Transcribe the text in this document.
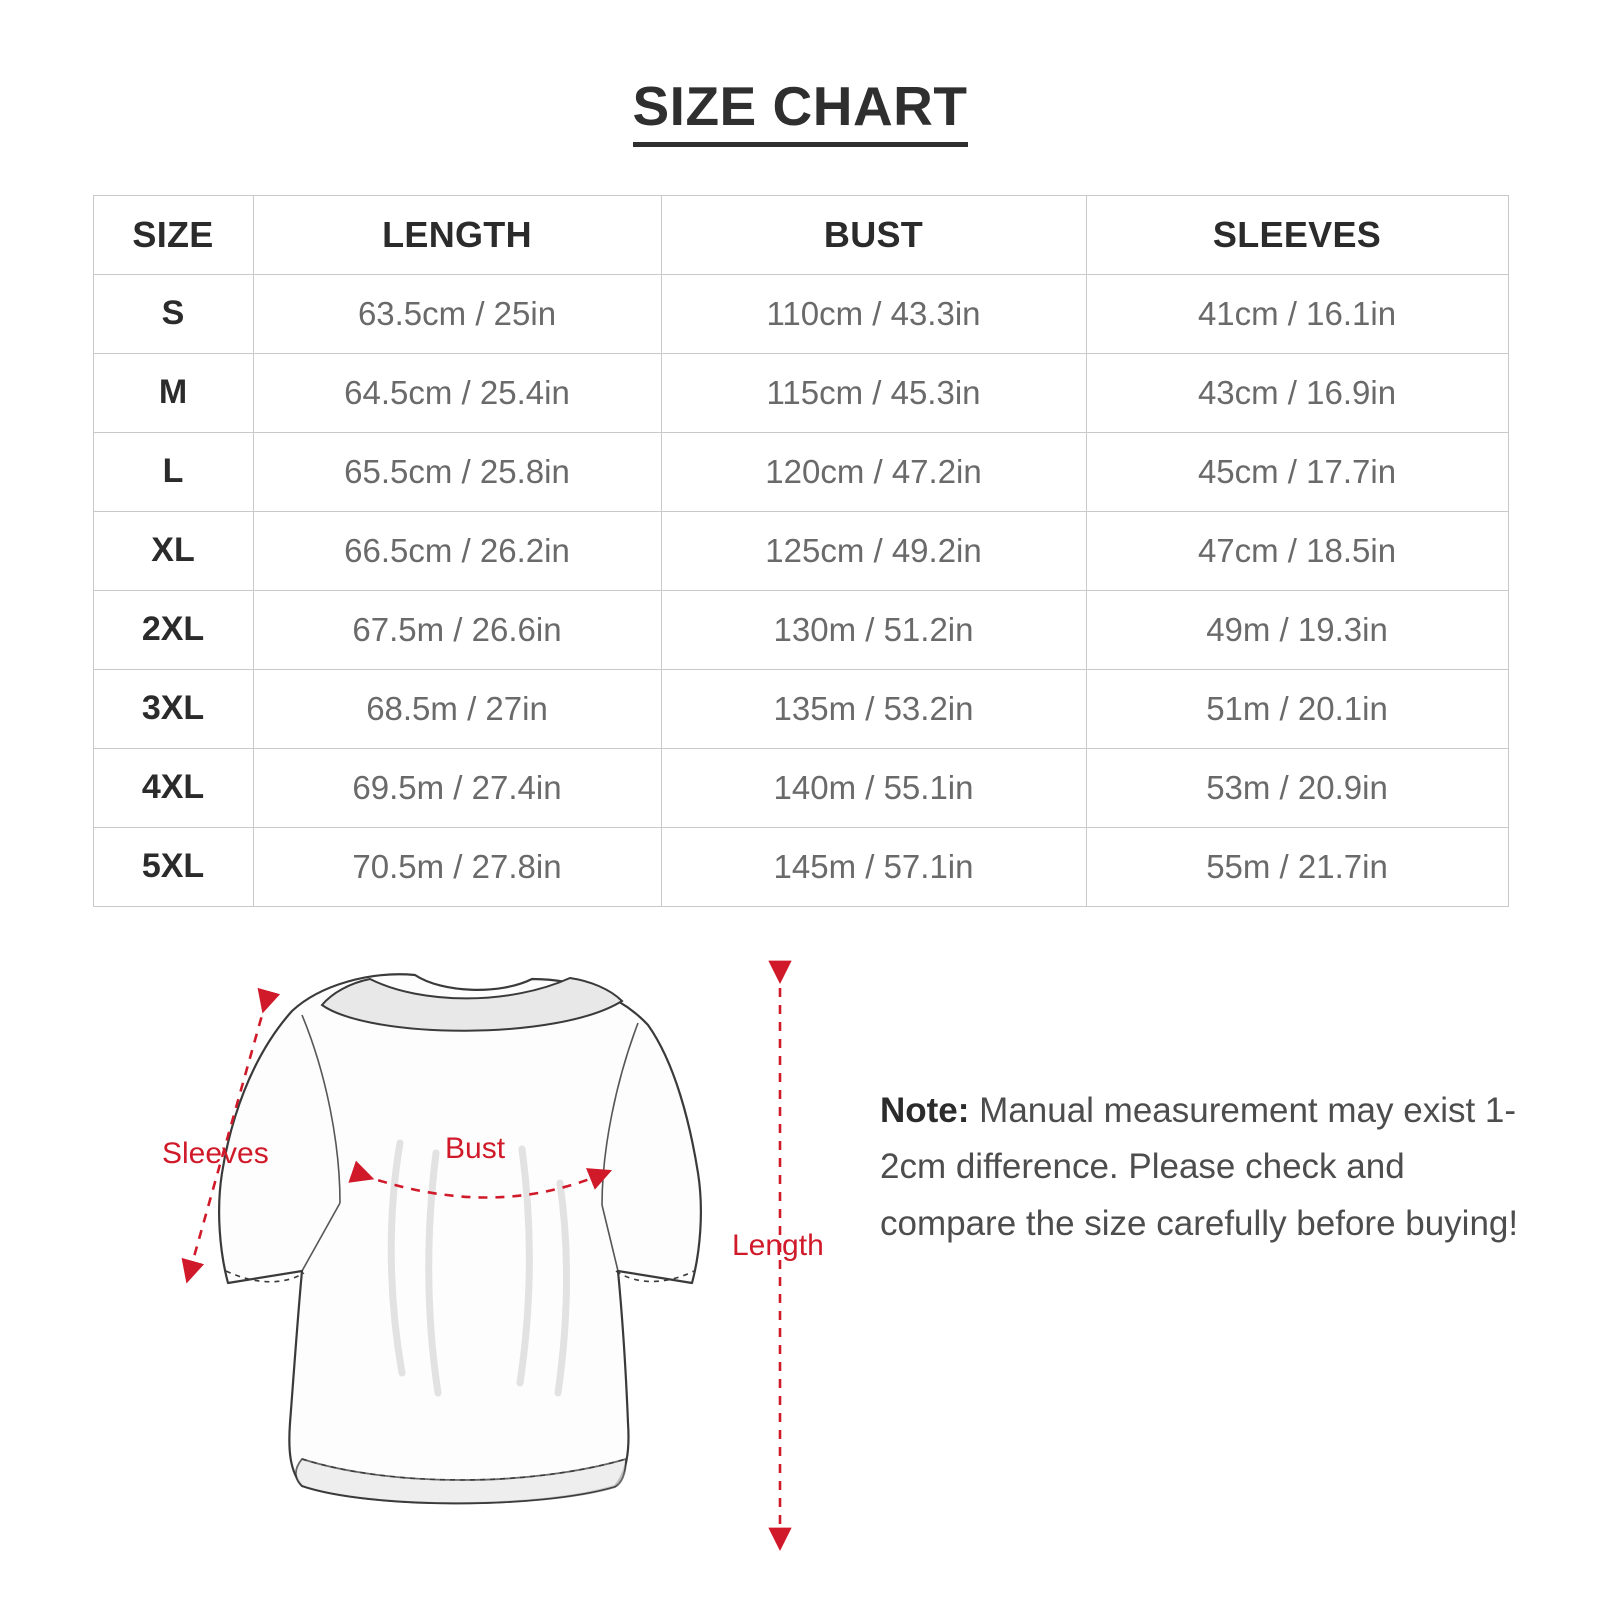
SIZE CHART
SIZE	LENGTH	BUST	SLEEVES
S	63.5cm / 25in	110cm / 43.3in	41cm / 16.1in
M	64.5cm / 25.4in	115cm / 45.3in	43cm / 16.9in
L	65.5cm / 25.8in	120cm / 47.2in	45cm / 17.7in
XL	66.5cm / 26.2in	125cm / 49.2in	47cm / 18.5in
2XL	67.5m / 26.6in	130m / 51.2in	49m / 19.3in
3XL	68.5m / 27in	135m / 53.2in	51m / 20.1in
4XL	69.5m / 27.4in	140m / 55.1in	53m / 20.9in
5XL	70.5m / 27.8in	145m / 57.1in	55m / 21.7in
Sleeves	Bust
Length
Note: Manual measurement may exist 1-2cm difference. Please check and compare the size carefully before buying!
